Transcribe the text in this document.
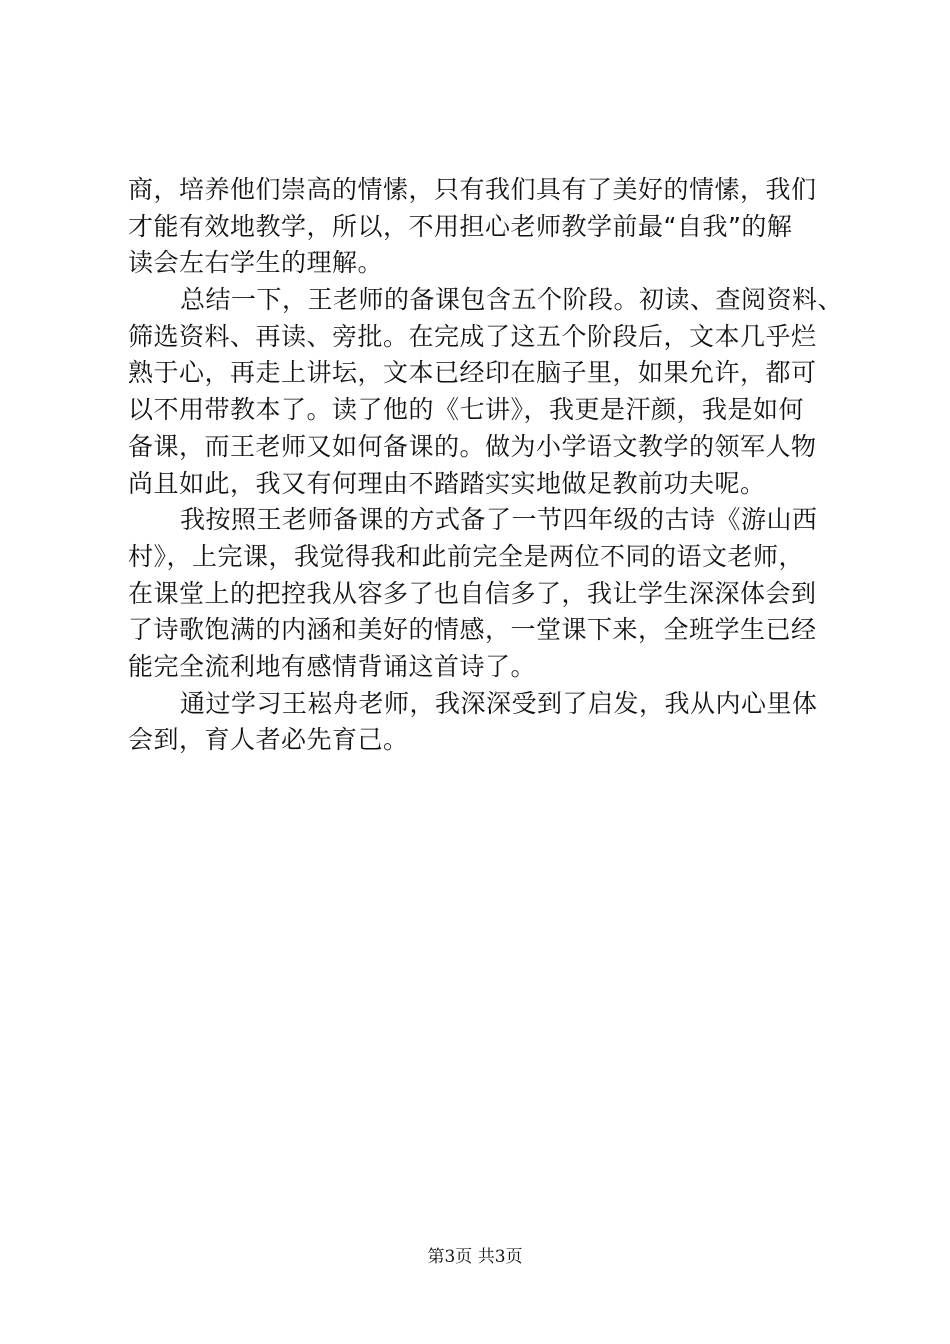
商，培养他们崇高的情愫，只有我们具有了美好的情愫，我们
才能有效地教学，所以，不用担心老师教学前最“自我”的解
读会左右学生的理解。
总结一下，王老师的备课包含五个阶段。初读、查阅资料、
筛选资料、再读、旁批。在完成了这五个阶段后，文本几乎烂
熟于心，再走上讲坛，文本已经印在脑子里，如果允许，都可
以不用带教本了。读了他的《七讲》，我更是汗颜，我是如何
备课，而王老师又如何备课的。做为小学语文教学的领军人物
尚且如此，我又有何理由不踏踏实实地做足教前功夫呢。
我按照王老师备课的方式备了一节四年级的古诗《游山西
村》，上完课，我觉得我和此前完全是两位不同的语文老师，
在课堂上的把控我从容多了也自信多了，我让学生深深体会到
了诗歌饱满的内涵和美好的情感，一堂课下来，全班学生已经
能完全流利地有感情背诵这首诗了。
通过学习王崧舟老师，我深深受到了启发，我从内心里体
会到，育人者必先育己。
第3页 共3页
